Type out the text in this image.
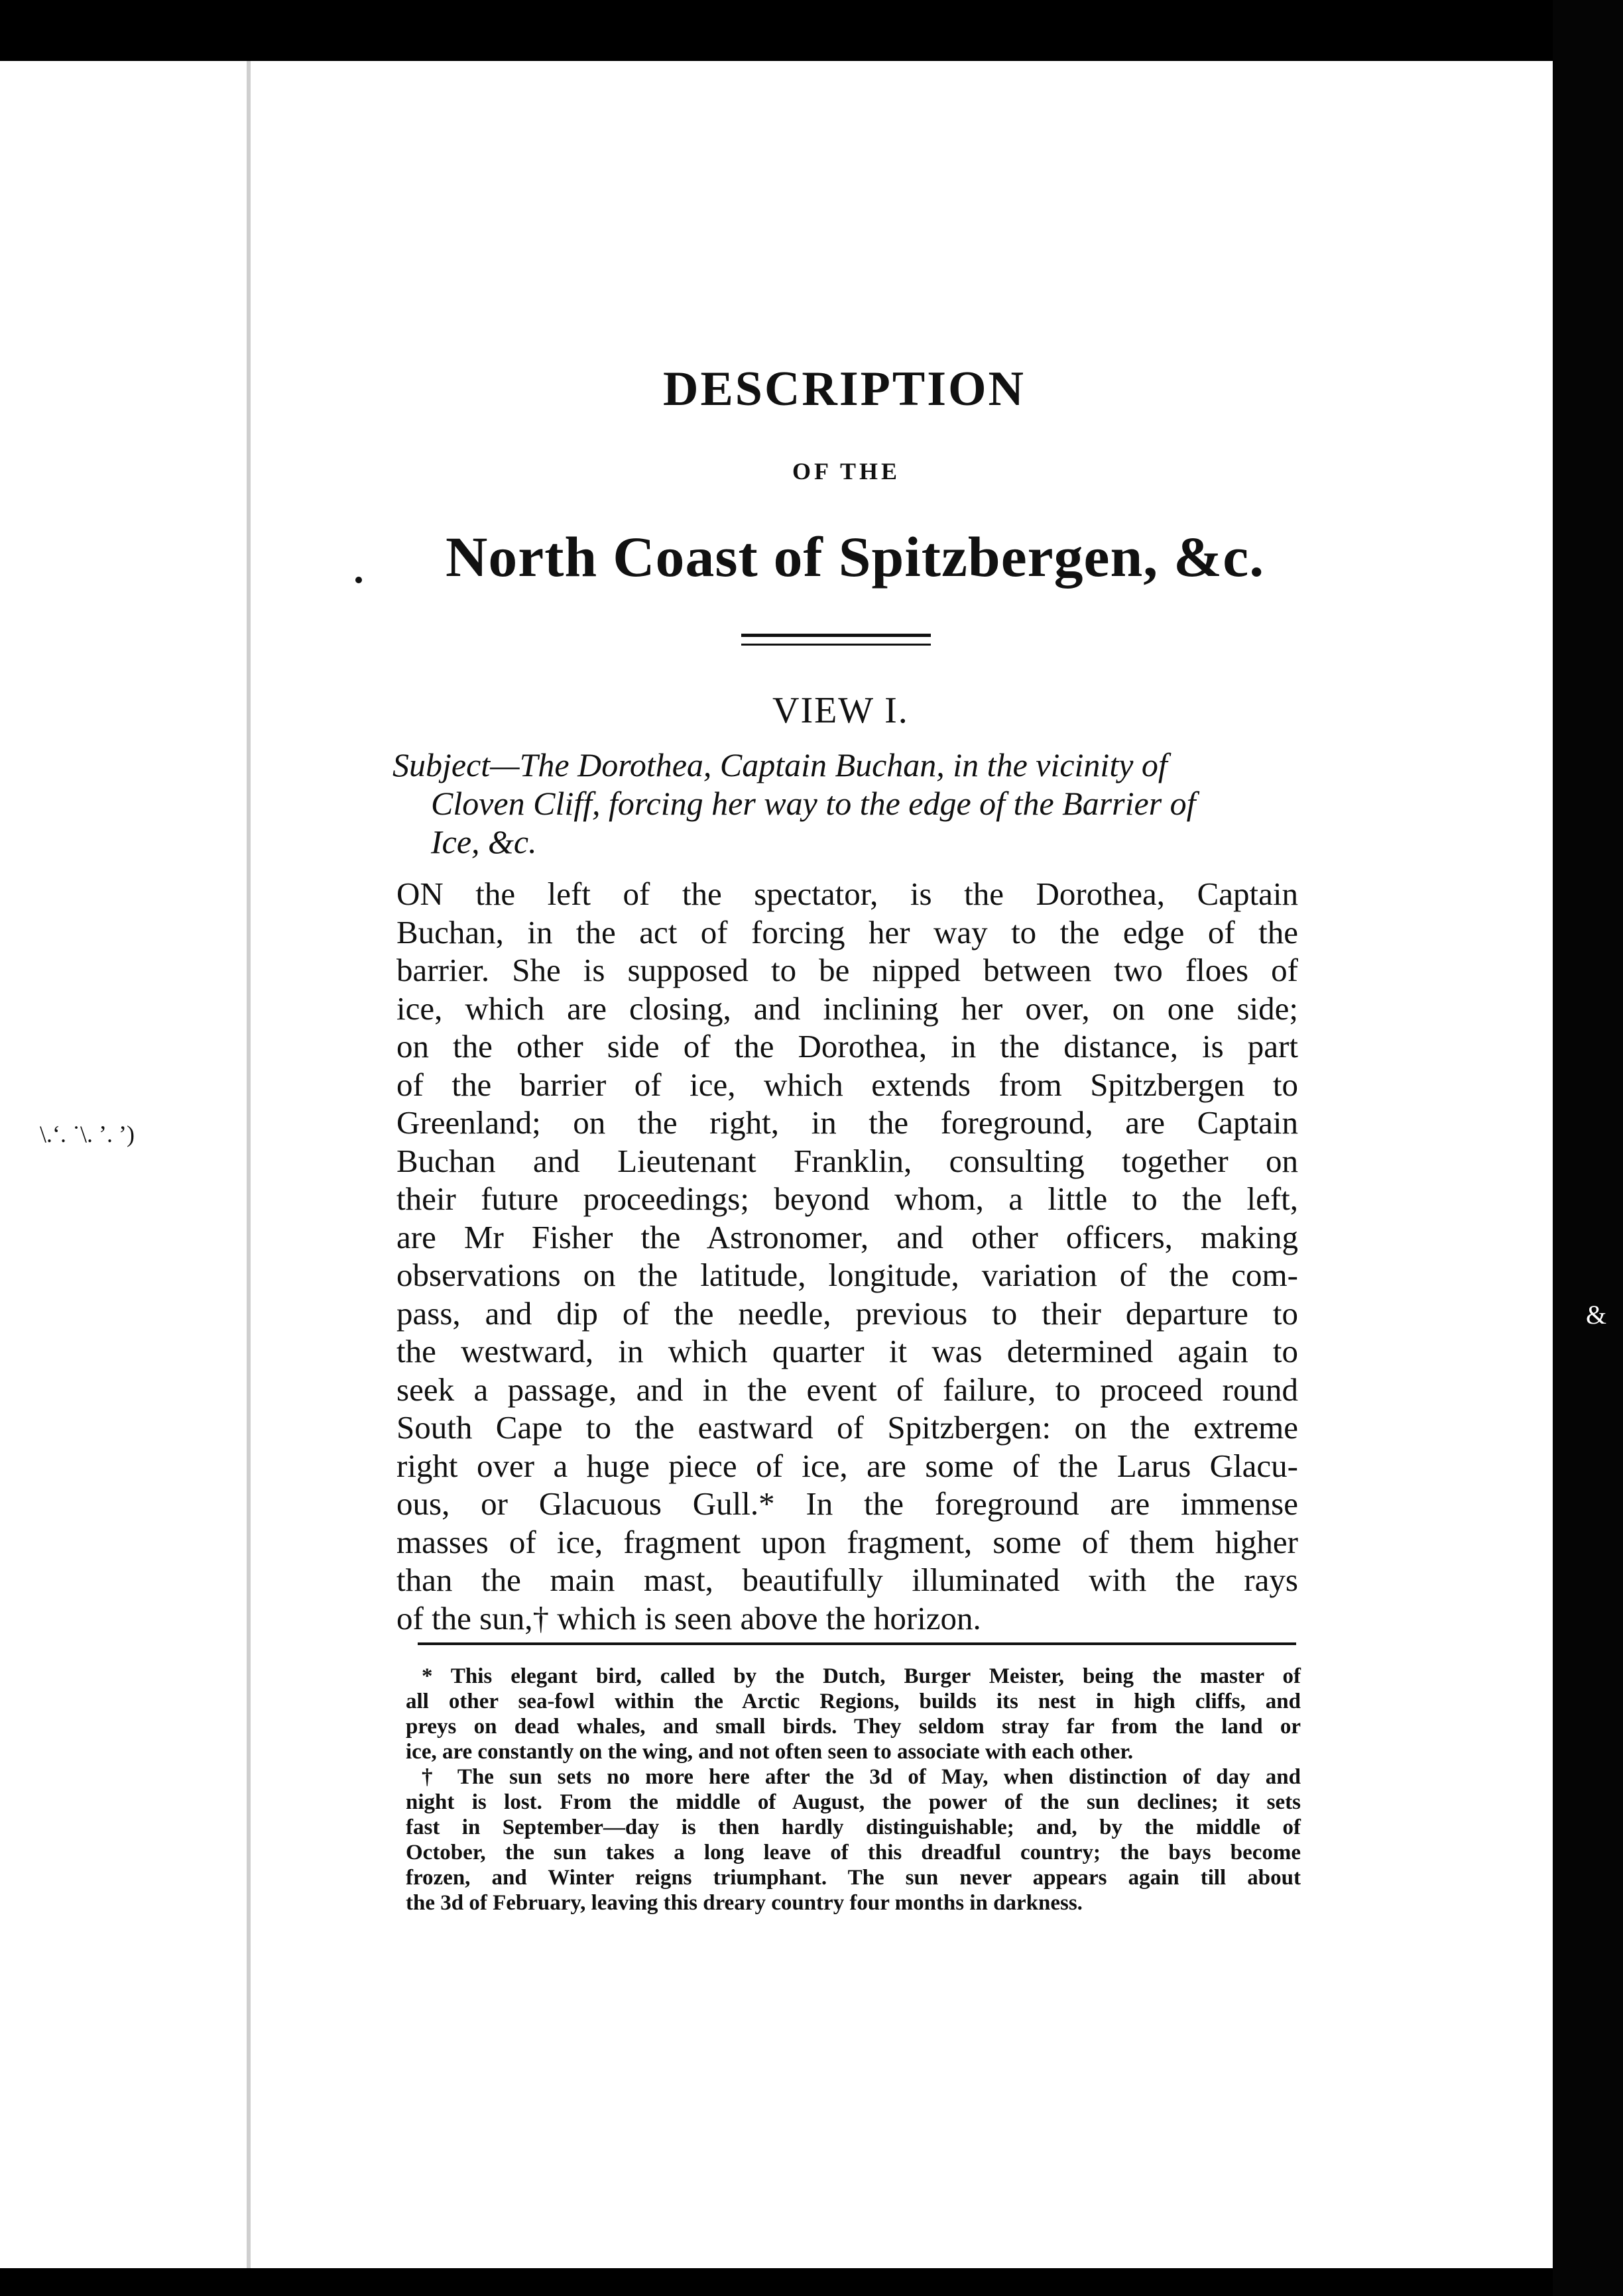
\.ʻ. ˙\. ʼ. ’)
DESCRIPTION
OF THE
North Coast of Spitzbergen, &c.
VIEW I.
Subject—The Dorothea, Captain Buchan, in the vicinity of
Cloven Cliff, forcing her way to the edge of the Barrier of
Ice, &c.
ON the left of the spectator, is the Dorothea, Captain
Buchan, in the act of forcing her way to the edge of the
barrier. She is supposed to be nipped between two floes of
ice, which are closing, and inclining her over, on one side;
on the other side of the Dorothea, in the distance, is part
of the barrier of ice, which extends from Spitzbergen to
Greenland; on the right, in the foreground, are Captain
Buchan and Lieutenant Franklin, consulting together on
their future proceedings; beyond whom, a little to the left,
are Mr Fisher the Astronomer, and other officers, making
observations on the latitude, longitude, variation of the com-
pass, and dip of the needle, previous to their departure to
the westward, in which quarter it was determined again to
seek a passage, and in the event of failure, to proceed round
South Cape to the eastward of Spitzbergen: on the extreme
right over a huge piece of ice, are some of the Larus Glacu-
ous, or Glacuous Gull.* In the foreground are immense
masses of ice, fragment upon fragment, some of them higher
than the main mast, beautifully illuminated with the rays
of the sun,† which is seen above the horizon.
* This elegant bird, called by the Dutch, Burger Meister, being the master of
all other sea-fowl within the Arctic Regions, builds its nest in high cliffs, and
preys on dead whales, and small birds. They seldom stray far from the land or
ice, are constantly on the wing, and not often seen to associate with each other.
† The sun sets no more here after the 3d of May, when distinction of day and
night is lost. From the middle of August, the power of the sun declines; it sets
fast in September—day is then hardly distinguishable; and, by the middle of
October, the sun takes a long leave of this dreadful country; the bays become
frozen, and Winter reigns triumphant. The sun never appears again till about
the 3d of February, leaving this dreary country four months in darkness.
&
